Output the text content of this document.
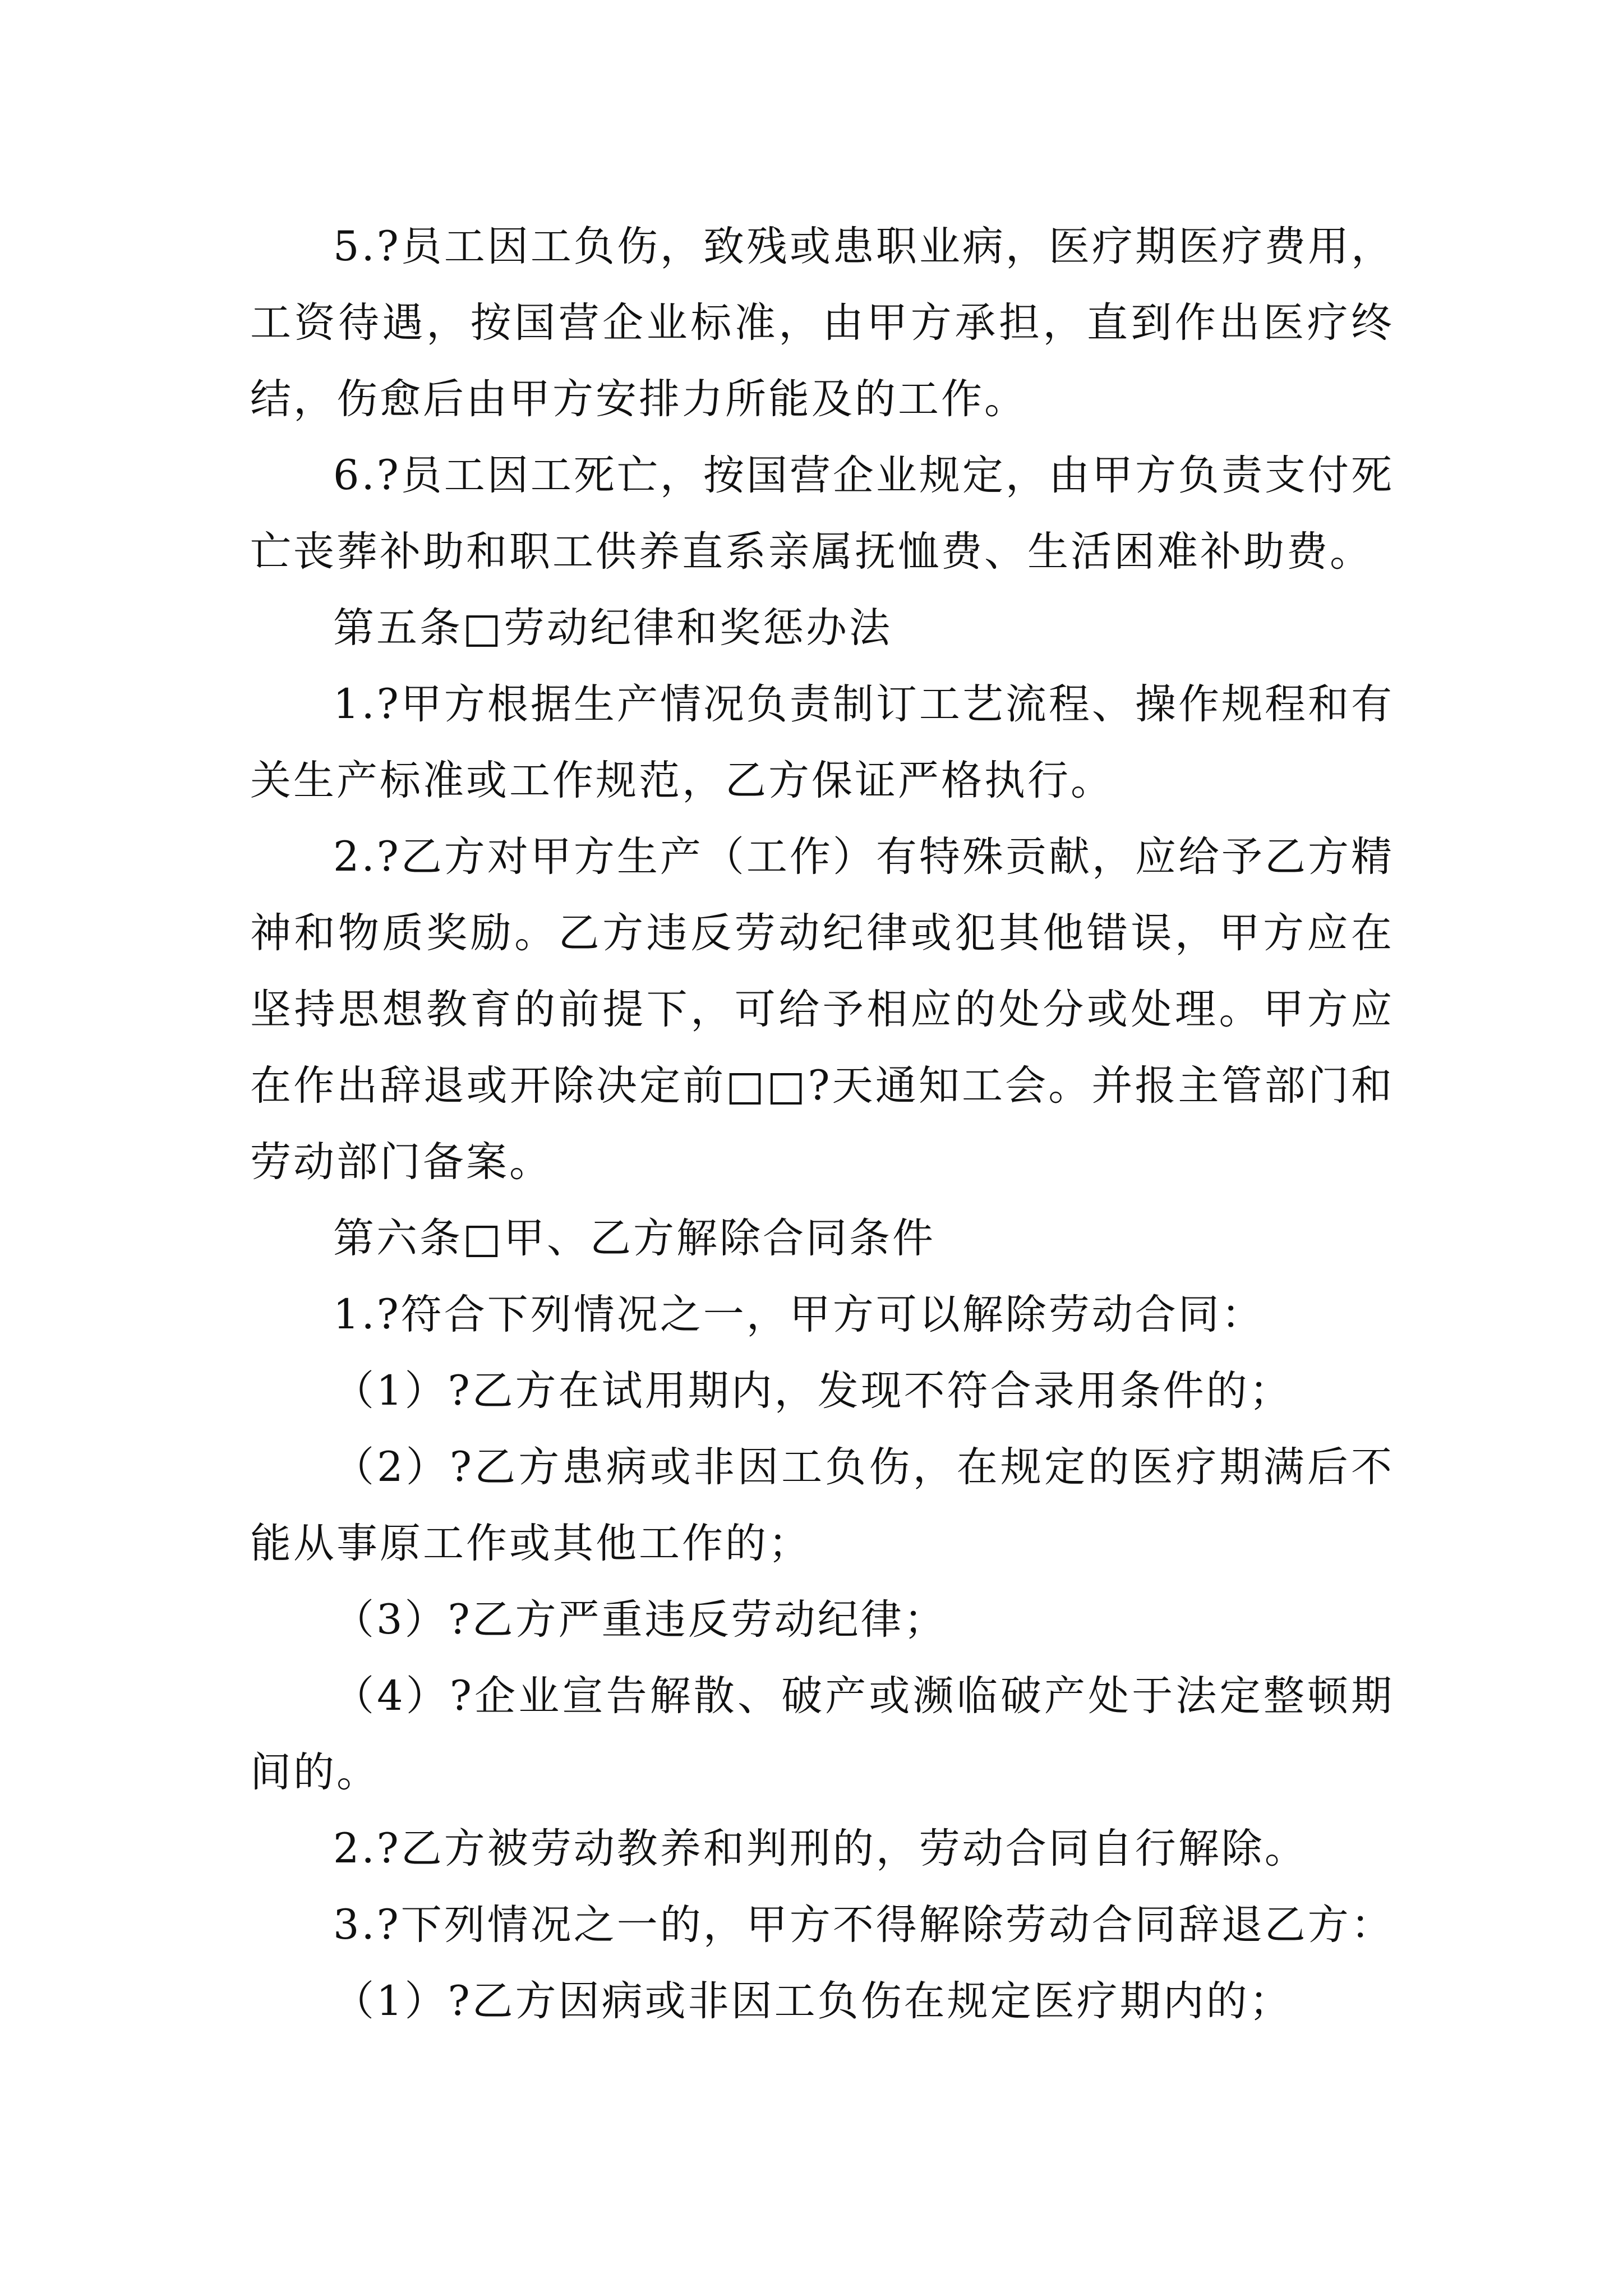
5.?员工因工负伤，致残或患职业病，医疗期医疗费用，工资待遇，按国营企业标准，由甲方承担，直到作出医疗终结，伤愈后由甲方安排力所能及的工作。

6.?员工因工死亡，按国营企业规定，由甲方负责支付死亡丧葬补助和职工供养直系亲属抚恤费、生活困难补助费。

第五条□劳动纪律和奖惩办法

1.?甲方根据生产情况负责制订工艺流程、操作规程和有关生产标准或工作规范，乙方保证严格执行。

2.?乙方对甲方生产（工作）有特殊贡献，应给予乙方精神和物质奖励。乙方违反劳动纪律或犯其他错误，甲方应在坚持思想教育的前提下，可给予相应的处分或处理。甲方应在作出辞退或开除决定前□□?天通知工会。并报主管部门和劳动部门备案。

第六条□甲、乙方解除合同条件

1.?符合下列情况之一，甲方可以解除劳动合同：

（1）?乙方在试用期内，发现不符合录用条件的；

（2）?乙方患病或非因工负伤，在规定的医疗期满后不能从事原工作或其他工作的；

（3）?乙方严重违反劳动纪律；

（4）?企业宣告解散、破产或濒临破产处于法定整顿期间的。

2.?乙方被劳动教养和判刑的，劳动合同自行解除。

3.?下列情况之一的，甲方不得解除劳动合同辞退乙方：

（1）?乙方因病或非因工负伤在规定医疗期内的；
